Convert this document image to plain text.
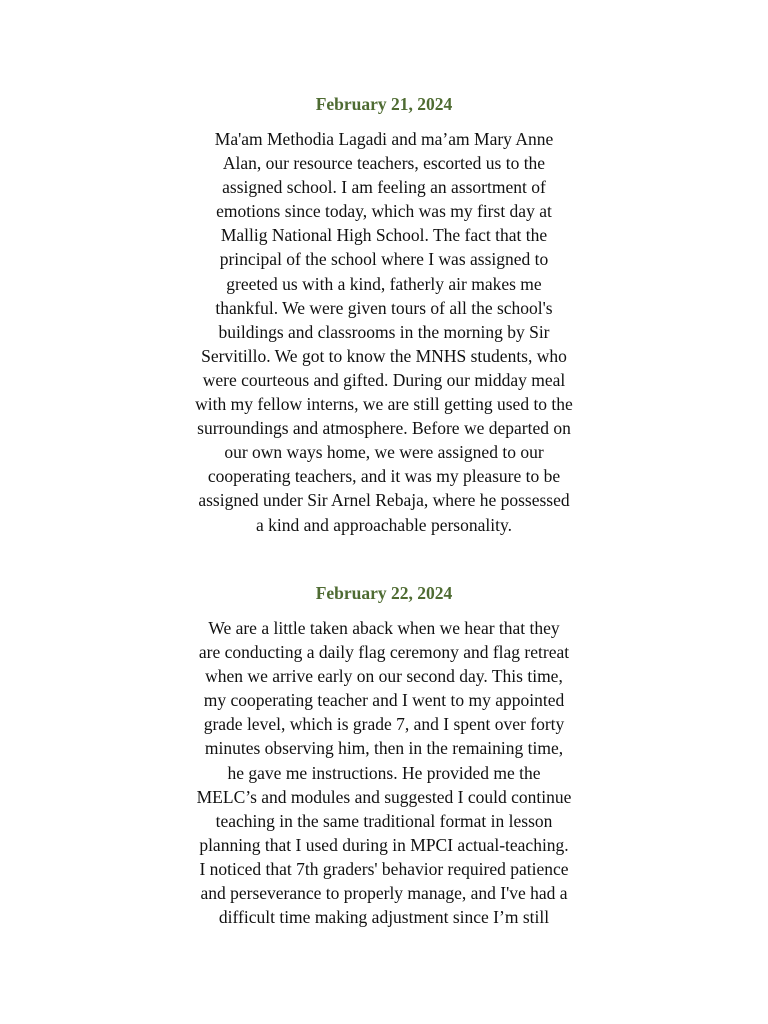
February 21, 2024

Ma'am Methodia Lagadi and ma’am Mary Anne
Alan, our resource teachers, escorted us to the
assigned school. I am feeling an assortment of
emotions since today, which was my first day at
Mallig National High School. The fact that the
principal of the school where I was assigned to
greeted us with a kind, fatherly air makes me
thankful. We were given tours of all the school's
buildings and classrooms in the morning by Sir
Servitillo. We got to know the MNHS students, who
were courteous and gifted. During our midday meal
with my fellow interns, we are still getting used to the
surroundings and atmosphere. Before we departed on
our own ways home, we were assigned to our
cooperating teachers, and it was my pleasure to be
assigned under Sir Arnel Rebaja, where he possessed
a kind and approachable personality.

February 22, 2024

We are a little taken aback when we hear that they
are conducting a daily flag ceremony and flag retreat
when we arrive early on our second day. This time,
my cooperating teacher and I went to my appointed
grade level, which is grade 7, and I spent over forty
minutes observing him, then in the remaining time,
he gave me instructions. He provided me the
MELC’s and modules and suggested I could continue
teaching in the same traditional format in lesson
planning that I used during in MPCI actual-teaching.
I noticed that 7th graders' behavior required patience
and perseverance to properly manage, and I've had a
difficult time making adjustment since I’m still
